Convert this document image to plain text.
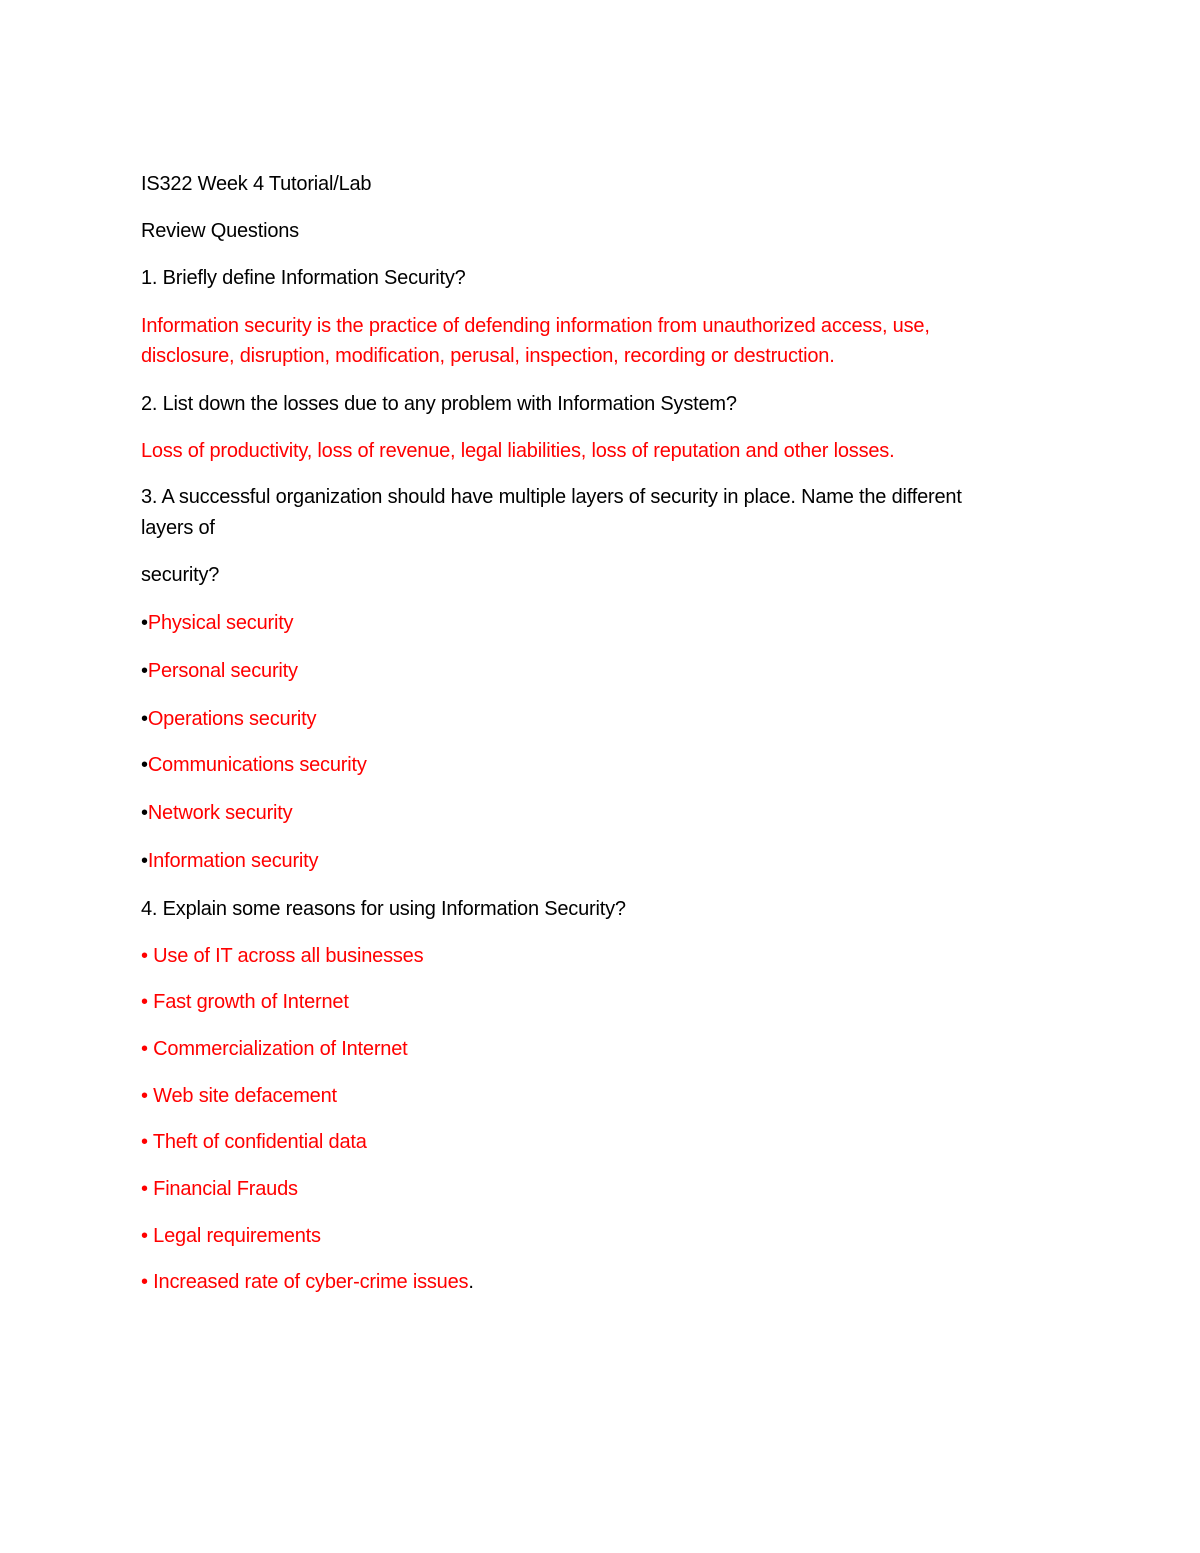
IS322 Week 4 Tutorial/Lab
Review Questions
1. Briefly define Information Security?
Information security is the practice of defending information from unauthorized access, use,
disclosure, disruption, modification, perusal, inspection, recording or destruction.
2. List down the losses due to any problem with Information System?
Loss of productivity, loss of revenue, legal liabilities, loss of reputation and other losses.
3. A successful organization should have multiple layers of security in place. Name the different
layers of
security?
•Physical security
•Personal security
•Operations security
•Communications security
•Network security
•Information security
4. Explain some reasons for using Information Security?
• Use of IT across all businesses
• Fast growth of Internet
• Commercialization of Internet
• Web site defacement
• Theft of confidential data
• Financial Frauds
• Legal requirements
• Increased rate of cyber-crime issues.
